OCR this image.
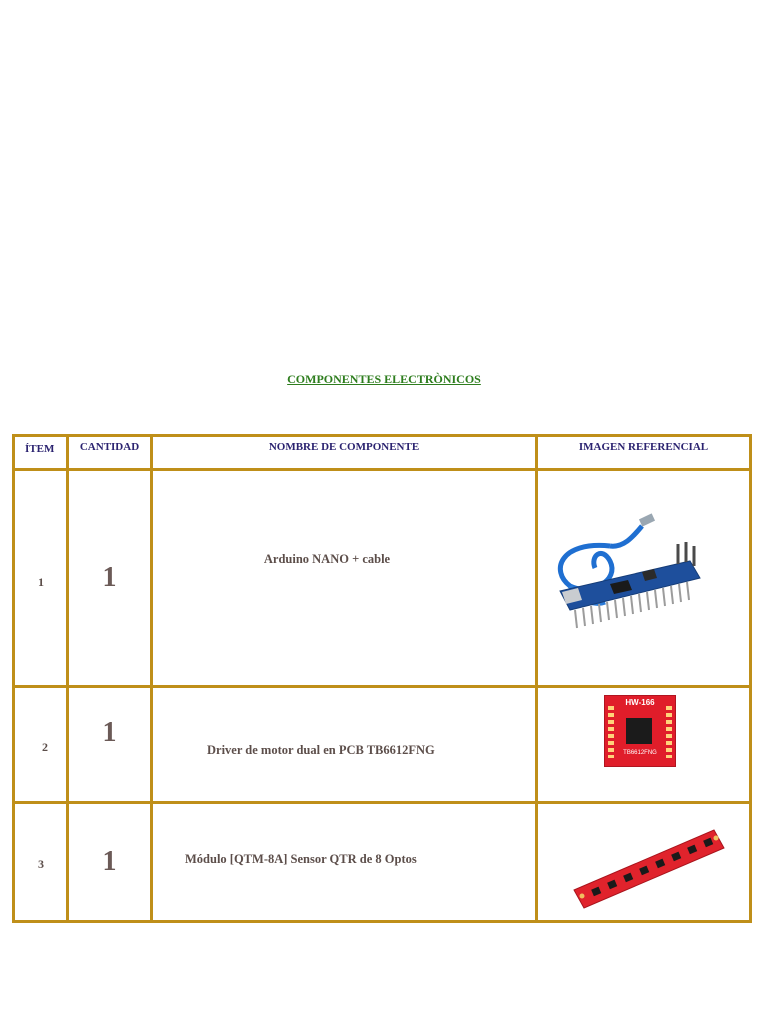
COMPONENTES ELECTRÒNICOS
ÍTEM	CANTIDAD	NOMBRE DE COMPONENTE	IMAGEN REFERENCIAL

1	1	Arduino NANO + cable

2	1	Driver de motor dual en PCB TB6612FNG	HW-166
TB6612FNG

3	1	Módulo [QTM-8A] Sensor QTR de 8 Optos
